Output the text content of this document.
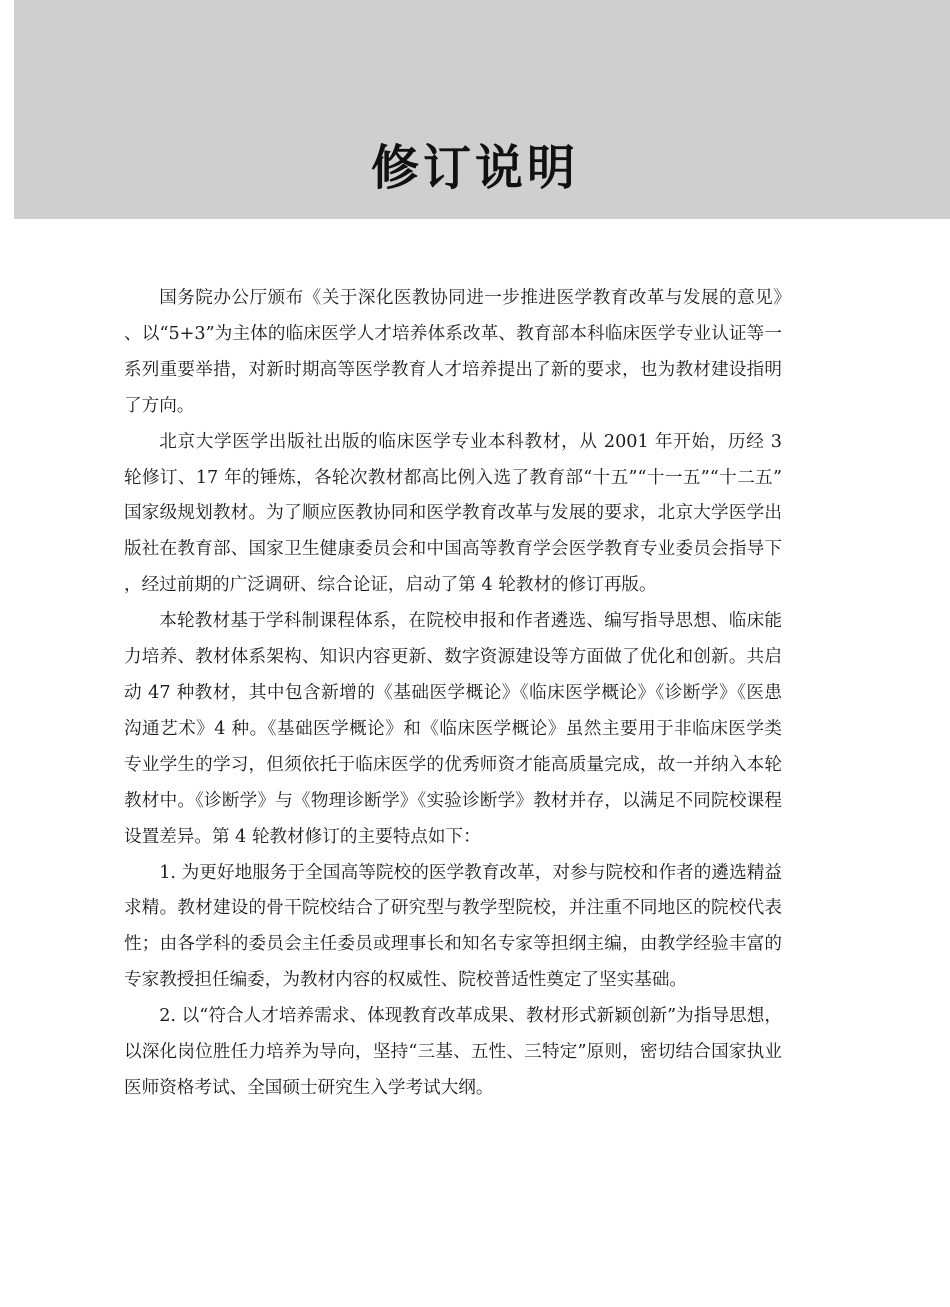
修订说明

国务院办公厅颁布《关于深化医教协同进一步推进医学教育改革与发展的意见》、以“5+3”为主体的临床医学人才培养体系改革、教育部本科临床医学专业认证等一系列重要举措，对新时期高等医学教育人才培养提出了新的要求，也为教材建设指明了方向。

北京大学医学出版社出版的临床医学专业本科教材，从 2001 年开始，历经 3 轮修订、17 年的锤炼，各轮次教材都高比例入选了教育部“十五”“十一五”“十二五”国家级规划教材。为了顺应医教协同和医学教育改革与发展的要求，北京大学医学出版社在教育部、国家卫生健康委员会和中国高等教育学会医学教育专业委员会指导下，经过前期的广泛调研、综合论证，启动了第 4 轮教材的修订再版。

本轮教材基于学科制课程体系，在院校申报和作者遴选、编写指导思想、临床能力培养、教材体系架构、知识内容更新、数字资源建设等方面做了优化和创新。共启动 47 种教材，其中包含新增的《基础医学概论》《临床医学概论》《诊断学》《医患沟通艺术》4 种。《基础医学概论》和《临床医学概论》虽然主要用于非临床医学类专业学生的学习，但须依托于临床医学的优秀师资才能高质量完成，故一并纳入本轮教材中。《诊断学》与《物理诊断学》《实验诊断学》教材并存，以满足不同院校课程设置差异。第 4 轮教材修订的主要特点如下：

1. 为更好地服务于全国高等院校的医学教育改革，对参与院校和作者的遴选精益求精。教材建设的骨干院校结合了研究型与教学型院校，并注重不同地区的院校代表性；由各学科的委员会主任委员或理事长和知名专家等担纲主编，由教学经验丰富的专家教授担任编委，为教材内容的权威性、院校普适性奠定了坚实基础。

2. 以“符合人才培养需求、体现教育改革成果、教材形式新颖创新”为指导思想，以深化岗位胜任力培养为导向，坚持“三基、五性、三特定”原则，密切结合国家执业医师资格考试、全国硕士研究生入学考试大纲。
